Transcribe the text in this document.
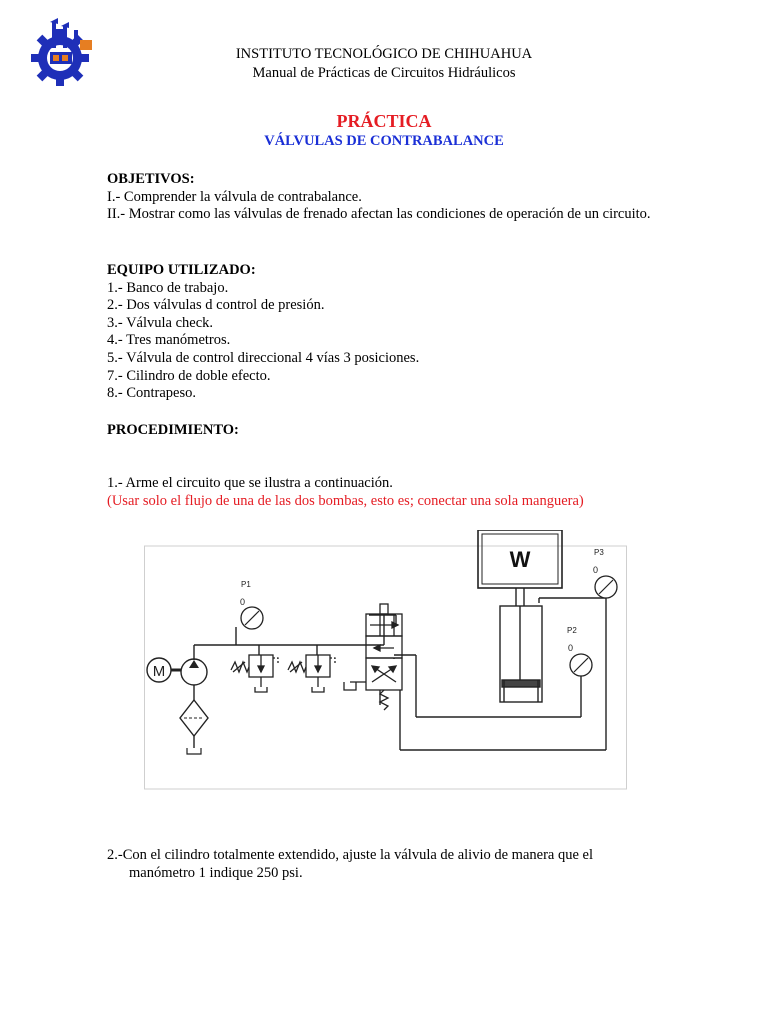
INSTITUTO TECNOLÓGICO DE CHIHUAHUA
Manual de Prácticas de Circuitos Hidráulicos
PRÁCTICA
VÁLVULAS DE CONTRABALANCE

OBJETIVOS:

I.- Comprender la válvula de contrabalance.

II.- Mostrar como las válvulas de frenado afectan las condiciones de operación de un circuito.

EQUIPO UTILIZADO:

1.- Banco de trabajo.

2.- Dos válvulas d control de presión.

3.- Válvula check.

4.- Tres manómetros.

5.- Válvula de control direccional 4 vías 3 posiciones.

7.- Cilindro de doble efecto.

8.- Contrapeso.

PROCEDIMIENTO:

1.- Arme el circuito que se ilustra a continuación.

(Usar solo el flujo de una de las dos bombas, esto es; conectar una sola manguera)

W
M
P1
0
P3
0
P2
0
2.-Con el cilindro totalmente extendido, ajuste la válvula de alivio de manera que el
manómetro 1 indique 250 psi.
